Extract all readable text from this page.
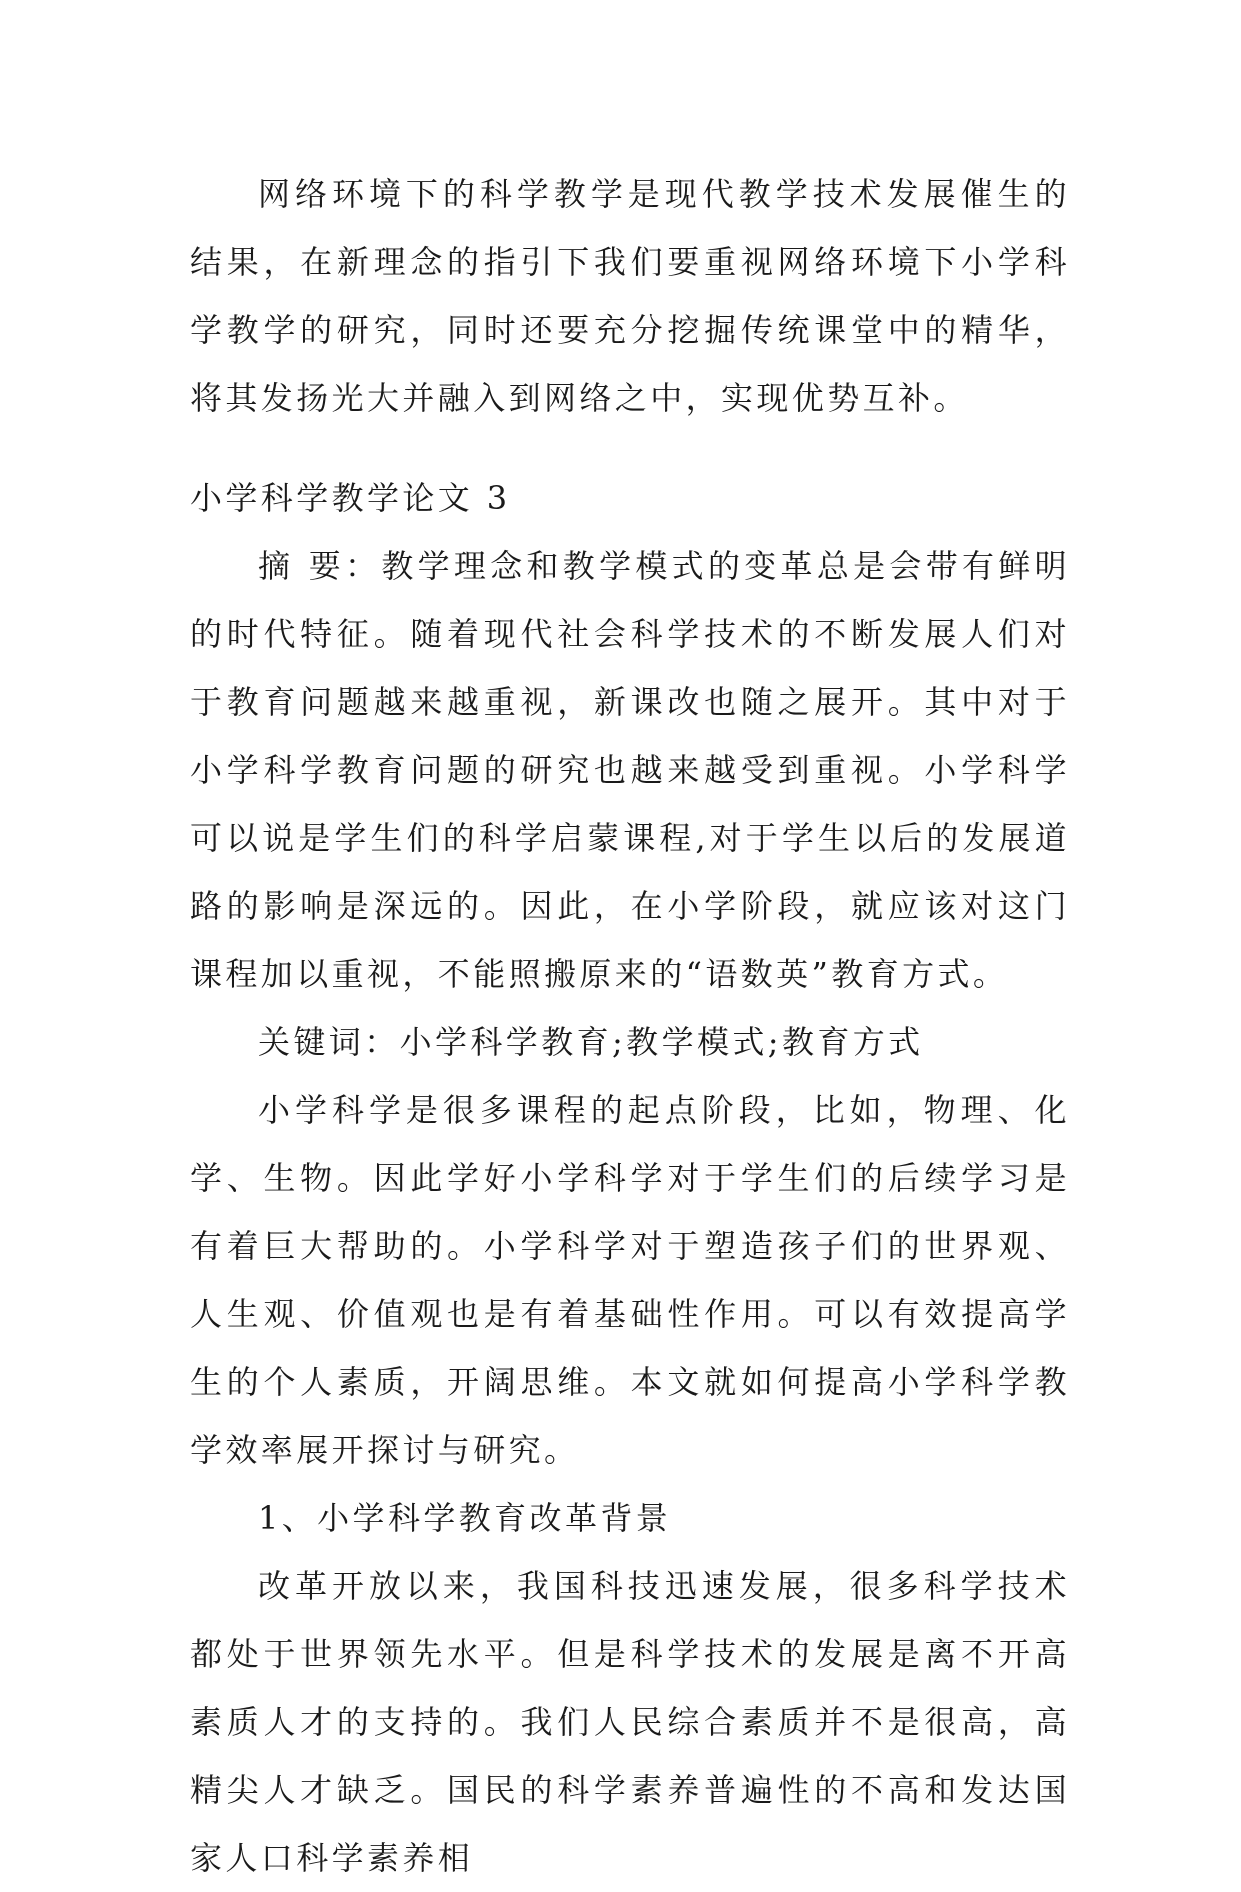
网络环境下的科学教学是现代教学技术发展催生的结果，在新理念的指引下我们要重视网络环境下小学科学教学的研究，同时还要充分挖掘传统课堂中的精华，将其发扬光大并融入到网络之中，实现优势互补。

小学科学教学论文 3

摘 要：教学理念和教学模式的变革总是会带有鲜明的时代特征。随着现代社会科学技术的不断发展人们对于教育问题越来越重视，新课改也随之展开。其中对于小学科学教育问题的研究也越来越受到重视。小学科学可以说是学生们的科学启蒙课程,对于学生以后的发展道路的影响是深远的。因此，在小学阶段，就应该对这门课程加以重视，不能照搬原来的“语数英”教育方式。

关键词：小学科学教育;教学模式;教育方式

小学科学是很多课程的起点阶段，比如，物理、化学、生物。因此学好小学科学对于学生们的后续学习是有着巨大帮助的。小学科学对于塑造孩子们的世界观、人生观、价值观也是有着基础性作用。可以有效提高学生的个人素质，开阔思维。本文就如何提高小学科学教学效率展开探讨与研究。

1、小学科学教育改革背景

改革开放以来，我国科技迅速发展，很多科学技术都处于世界领先水平。但是科学技术的发展是离不开高素质人才的支持的。我们人民综合素质并不是很高，高精尖人才缺乏。国民的科学素养普遍性的不高和发达国家人口科学素养相
